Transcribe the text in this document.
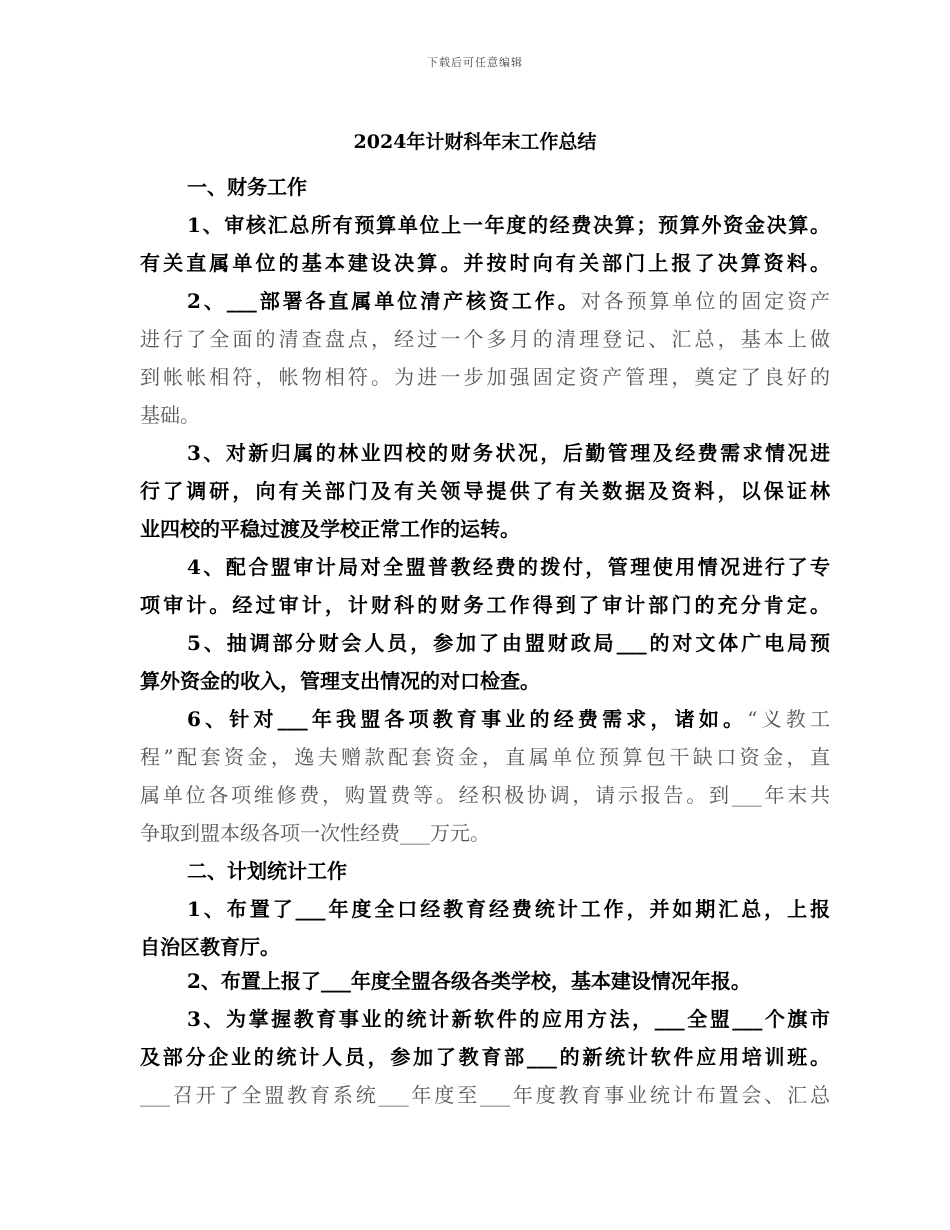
下载后可任意编辑
2024年计财科年末工作总结
一、财务工作
1、审核汇总所有预算单位上一年度的经费决算；预算外资金决算。
有关直属单位的基本建设决算。并按时向有关部门上报了决算资料。
2、___部署各直属单位清产核资工作。对各预算单位的固定资产
进行了全面的清查盘点，经过一个多月的清理登记、汇总，基本上做
到帐帐相符，帐物相符。为进一步加强固定资产管理，奠定了良好的
基础。
3、对新归属的林业四校的财务状况，后勤管理及经费需求情况进
行了调研，向有关部门及有关领导提供了有关数据及资料，以保证林
业四校的平稳过渡及学校正常工作的运转。
4、配合盟审计局对全盟普教经费的拨付，管理使用情况进行了专
项审计。经过审计，计财科的财务工作得到了审计部门的充分肯定。
5、抽调部分财会人员，参加了由盟财政局___的对文体广电局预
算外资金的收入，管理支出情况的对口检查。
6、针对___年我盟各项教育事业的经费需求，诸如。“义教工
程”配套资金，逸夫赠款配套资金，直属单位预算包干缺口资金，直
属单位各项维修费，购置费等。经积极协调，请示报告。到___年末共
争取到盟本级各项一次性经费___万元。
二、计划统计工作
1、布置了___年度全口经教育经费统计工作，并如期汇总，上报
自治区教育厅。
2、布置上报了___年度全盟各级各类学校，基本建设情况年报。
3、为掌握教育事业的统计新软件的应用方法，___全盟___个旗市
及部分企业的统计人员，参加了教育部___的新统计软件应用培训班。
___召开了全盟教育系统___年度至___年度教育事业统计布置会、汇总
